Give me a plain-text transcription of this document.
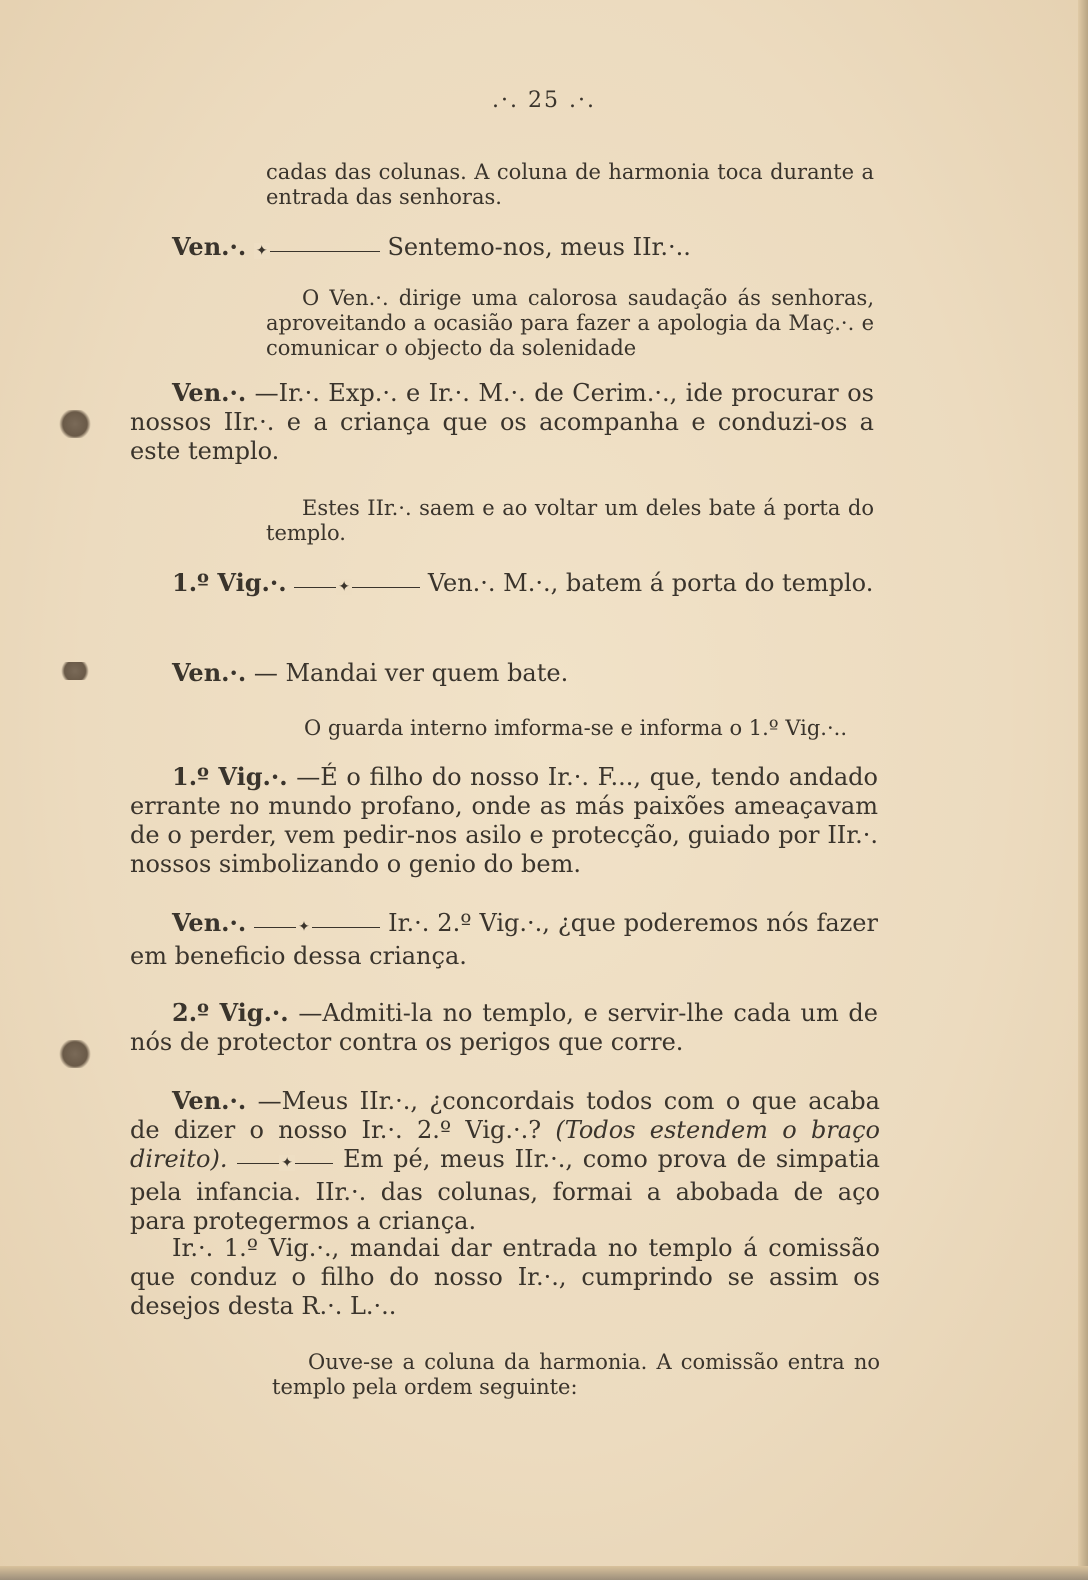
.·. 25 .·.

cadas das colunas. A coluna de harmonia toca durante a entrada das senhoras.

Ven.·. ✦	Sentemo-nos, meus IIr.·..

O Ven.·. dirige uma calorosa saudação ás senhoras, aproveitando a ocasião para fazer a apologia da Maç.·. e comunicar o objecto da solenidade

Ven.·. —Ir.·. Exp.·. e Ir.·. M.·. de Cerim.·., ide procurar os nossos IIr.·. e a criança que os acompanha e conduzi-os a este templo.

Estes IIr.·. saem e ao voltar um deles bate á porta do templo.

1.º Vig.·.	✦	Ven.·. M.·., batem á porta do templo.

Ven.·. — Mandai ver quem bate.

O guarda interno imforma-se e informa o 1.º Vig.·..

1.º Vig.·. —É o filho do nosso Ir.·. F..., que, tendo andado errante no mundo profano, onde as más paixões ameaçavam de o perder, vem pedir-nos asilo e protecção, guiado por IIr.·. nossos simbolizando o genio do bem.

Ven.·.	✦	Ir.·. 2.º Vig.·., ¿que poderemos nós fazer em beneficio dessa criança.

2.º Vig.·. —Admiti-la no templo, e servir-lhe cada um de nós de protector contra os perigos que corre.

Ven.·. —Meus IIr.·., ¿concordais todos com o que acaba de dizer o nosso Ir.·. 2.º Vig.·.? (Todos estendem o braço direito).	✦ Em pé, meus IIr.·., como prova de simpatia pela infancia. IIr.·. das colunas, formai a abobada de aço para protegermos a criança.

Ir.·. 1.º Vig.·., mandai dar entrada no templo á comissão que conduz o filho do nosso Ir.·., cumprindo se assim os desejos desta R.·. L.·..

Ouve-se a coluna da harmonia. A comissão entra no templo pela ordem seguinte:
